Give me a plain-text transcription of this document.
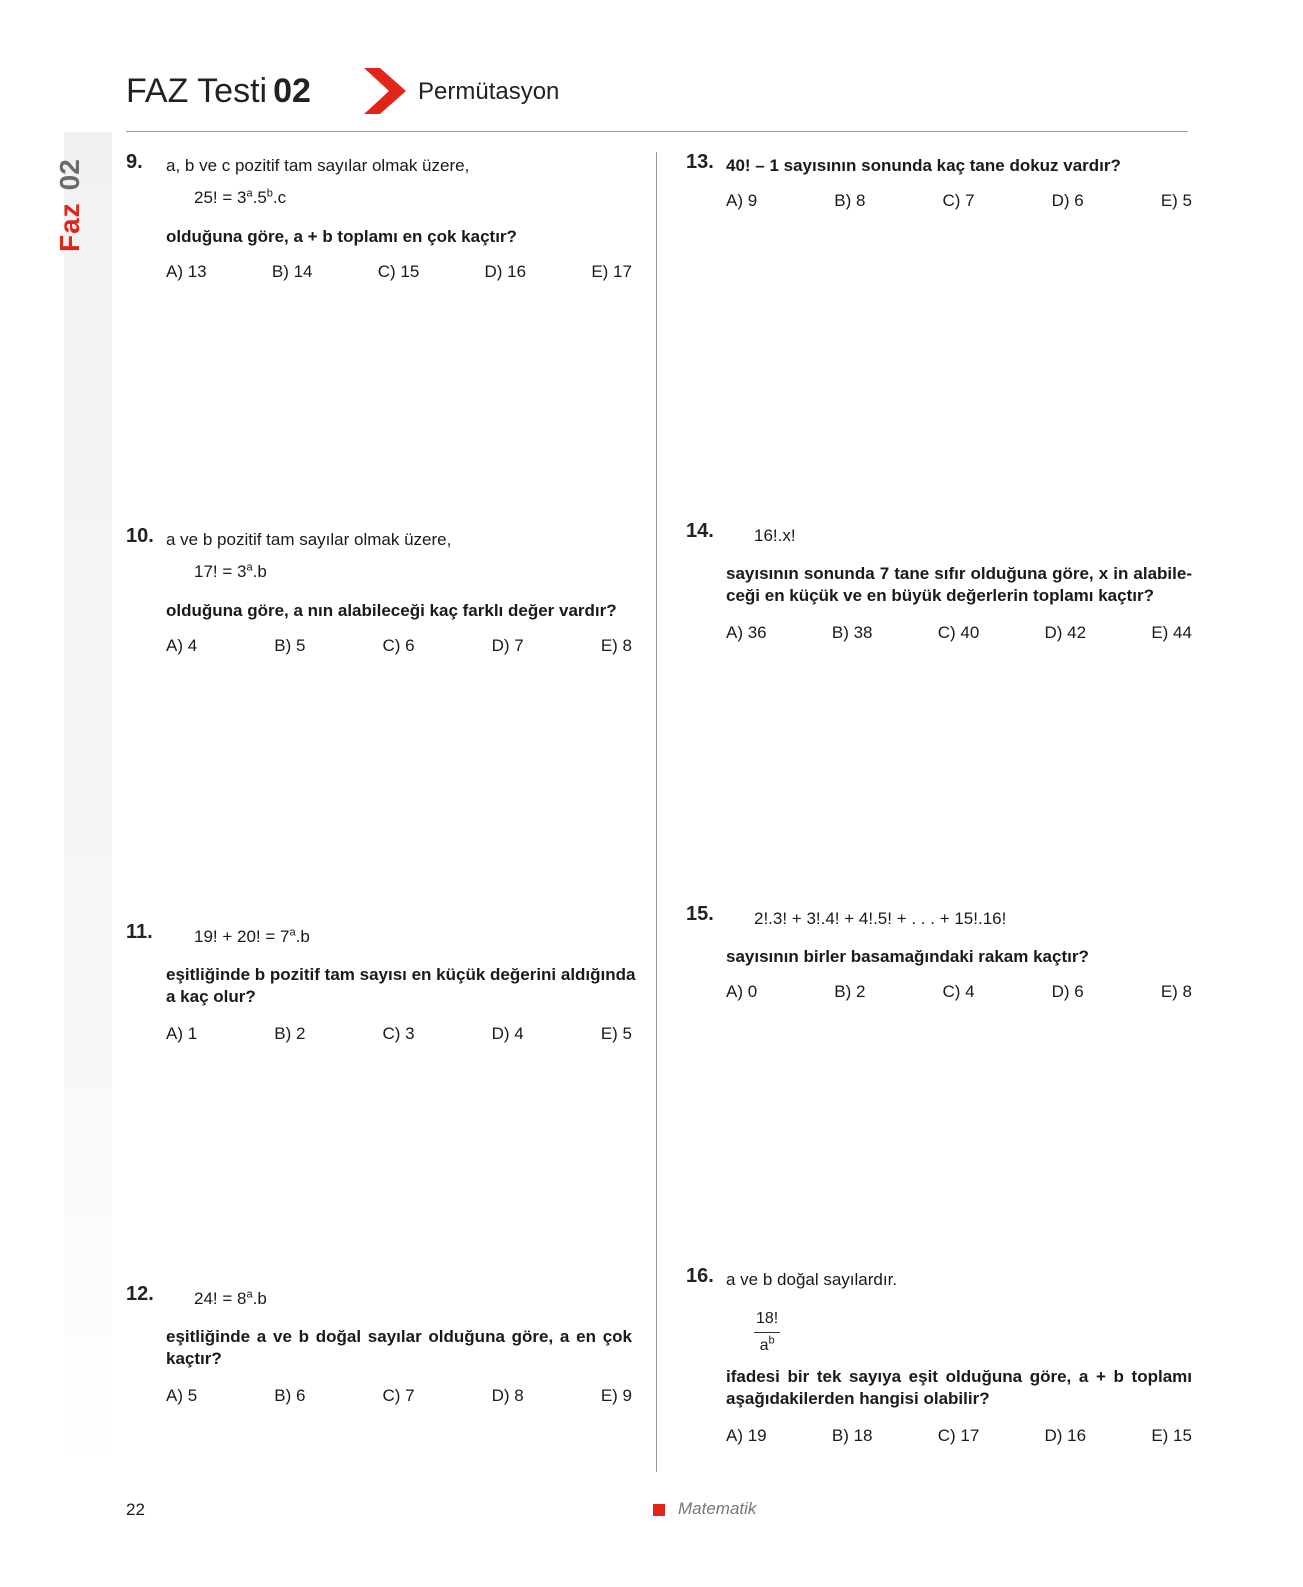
FAZ Testi 02	Permütasyon
Faz02 9. a, b ve c pozitif tam sayılar olmak üzere,
25! = $3^a.5^b.c$
olduğuna göre, a + b toplamı en çok kaçtır?
A) 13	B) 14	C) 15	D) 16	E) 17
10. a ve b pozitif tam sayılar olmak üzere,
17! = $3^a.b$
olduğuna göre, a nın alabileceği kaç farklı değer vardır?
A) 4	B) 5	C) 6	D) 7	E) 8
11. 19! + 20! = $7^a.b$
eşitliğinde b pozitif tam sayısı en küçük değerini aldığında
a kaç olur?
A) 1	B) 2	C) 3	D) 4	E) 5
12. 24! = $8^a.b$
eşitliğinde a ve b doğal sayılar olduğuna göre, a en çok
kaçtır?
A) 5	B) 6	C) 7	D) 8	E) 9
13. 40! – 1 sayısının sonunda kaç tane dokuz vardır?
A) 9	B) 8	C) 7	D) 6	E) 5
14. 16!.x!
sayısının sonunda 7 tane sıfır olduğuna göre, x in alabile-
ceği en küçük ve en büyük değerlerin toplamı kaçtır?
A) 36	B) 38	C) 40	D) 42	E) 44
15. 2!.3! + 3!.4! + 4!.5! + . . . + 15!.16!
sayısının birler basamağındaki rakam kaçtır?
A) 0	B) 2	C) 4	D) 6	E) 8
16. a ve b doğal sayılardır.
$\frac{18!}{a^b}$
ifadesi bir tek sayıya eşit olduğuna göre, a + b toplamı
aşağıdakilerden hangisi olabilir?
A) 19	B) 18	C) 17	D) 16	E) 15
22	Matematik
